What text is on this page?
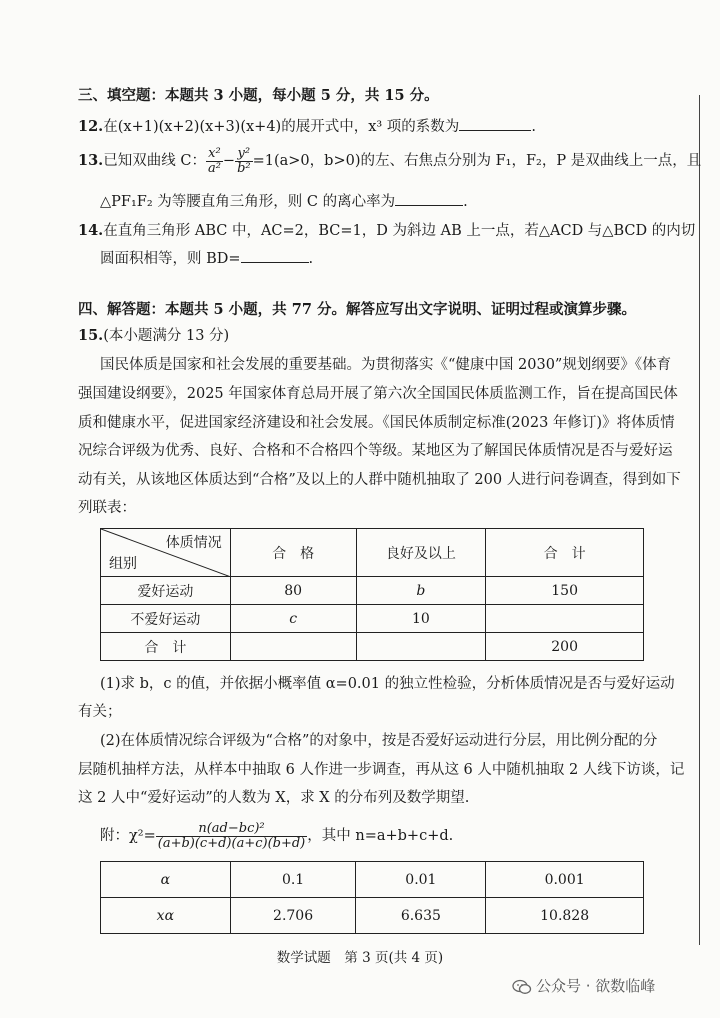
三、填空题：本题共 3 小题，每小题 5 分，共 15 分。
12.在(x+1)(x+2)(x+3)(x+4)的展开式中，x³ 项的系数为	.
13.已知双曲线 C： $\frac{\text{x²}}{\text{a²}} - \frac{\text{y²}}{\text{b²}} =1(a>0$，b>0)的左、右焦点分别为 F₁，F₂，P 是双曲线上一点，且
△PF₁F₂ 为等腰直角三角形，则 C 的离心率为	.
14.在直角三角形 ABC 中，AC=2，BC=1，D 为斜边 AB 上一点，若△ACD 与△BCD 的内切
圆面积相等，则 BD=	.
四、解答题：本题共 5 小题，共 77 分。解答应写出文字说明、证明过程或演算步骤。
15.(本小题满分 13 分)
国民体质是国家和社会发展的重要基础。为贯彻落实《“健康中国 2030”规划纲要》《体育
强国建设纲要》，2025 年国家体育总局开展了第六次全国国民体质监测工作，旨在提高国民体
质和健康水平，促进国家经济建设和社会发展。《国民体质制定标准(2023 年修订)》将体质情
况综合评级为优秀、良好、合格和不合格四个等级。某地区为了解国民体质情况是否与爱好运
动有关，从该地区体质达到“合格”及以上的人群中随机抽取了 200 人进行问卷调查，得到如下
列联表：
体质情况
组别	合　格	良好及以上	合　计
爱好运动	80	b	150
不爱好运动	c	10	
合　计			200
(1)求 b，c 的值，并依据小概率值 α=0.01 的独立性检验，分析体质情况是否与爱好运动
有关；
(2)在体质情况综合评级为“合格”的对象中，按是否爱好运动进行分层，用比例分配的分
层随机抽样方法，从样本中抽取 6 人作进一步调查，再从这 6 人中随机抽取 2 人线下访谈，记
这 2 人中“爱好运动”的人数为 X，求 X 的分布列及数学期望.
附：$\chi^2= \frac{\text{n(ad−bc)²}}{(a+b)(c+d)(a+c)(b+d)}$ ，其中 n=a+b+c+d.
α	0.1	0.01	0.001
xα	2.706	6.635	10.828
数学试题　第 3 页(共 4 页)
公众号 · 欲数临峰
